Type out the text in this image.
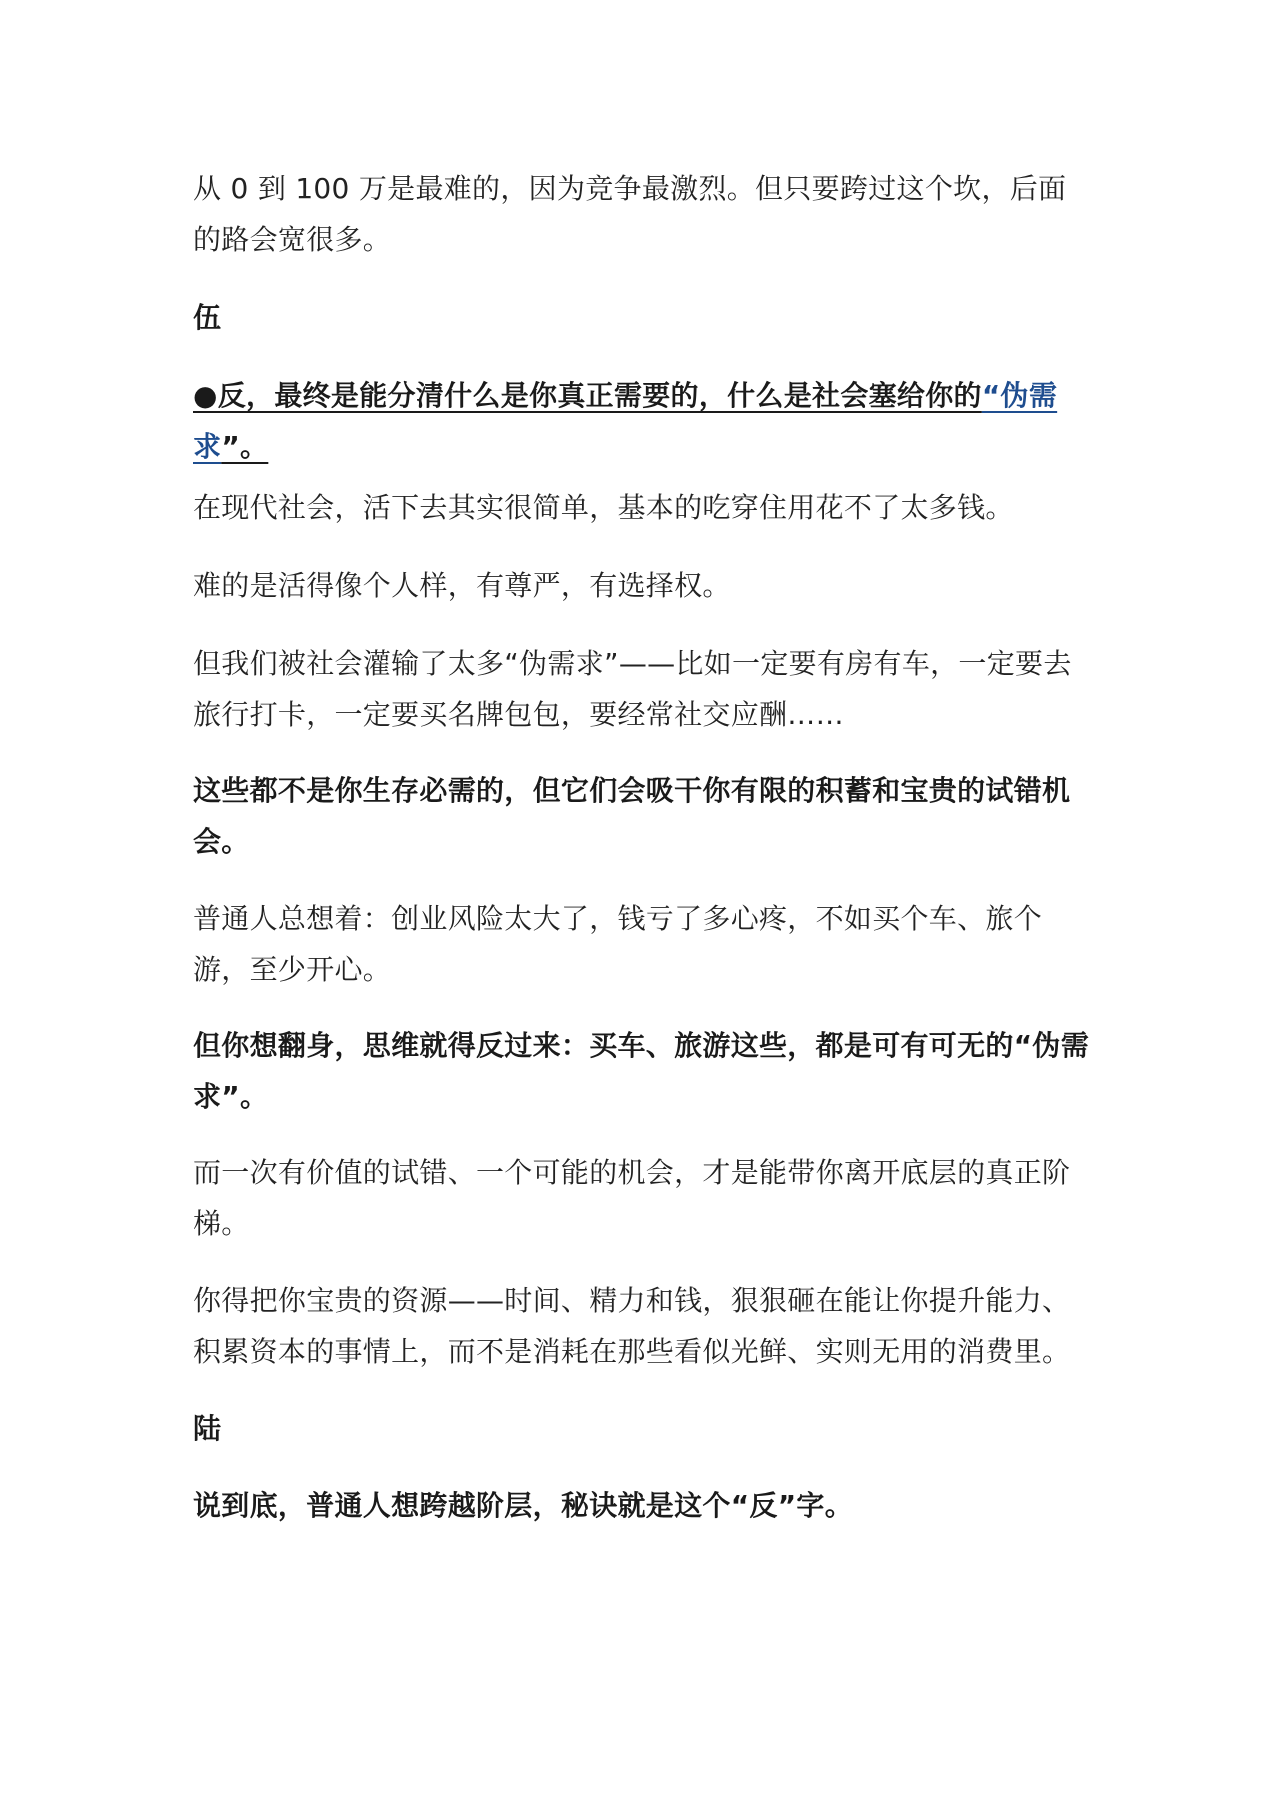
从 0 到 100 万是最难的，因为竞争最激烈。但只要跨过这个坎，后面的路会宽很多。

伍

●反，最终是能分清什么是你真正需要的，什么是社会塞给你的“伪需求”。

在现代社会，活下去其实很简单，基本的吃穿住用花不了太多钱。

难的是活得像个人样，有尊严，有选择权。

但我们被社会灌输了太多“伪需求”——比如一定要有房有车，一定要去旅行打卡，一定要买名牌包包，要经常社交应酬……

这些都不是你生存必需的，但它们会吸干你有限的积蓄和宝贵的试错机会。

普通人总想着：创业风险太大了，钱亏了多心疼，不如买个车、旅个游，至少开心。

但你想翻身，思维就得反过来：买车、旅游这些，都是可有可无的“伪需求”。

而一次有价值的试错、一个可能的机会，才是能带你离开底层的真正阶梯。

你得把你宝贵的资源——时间、精力和钱，狠狠砸在能让你提升能力、积累资本的事情上，而不是消耗在那些看似光鲜、实则无用的消费里。

陆

说到底，普通人想跨越阶层，秘诀就是这个“反”字。
